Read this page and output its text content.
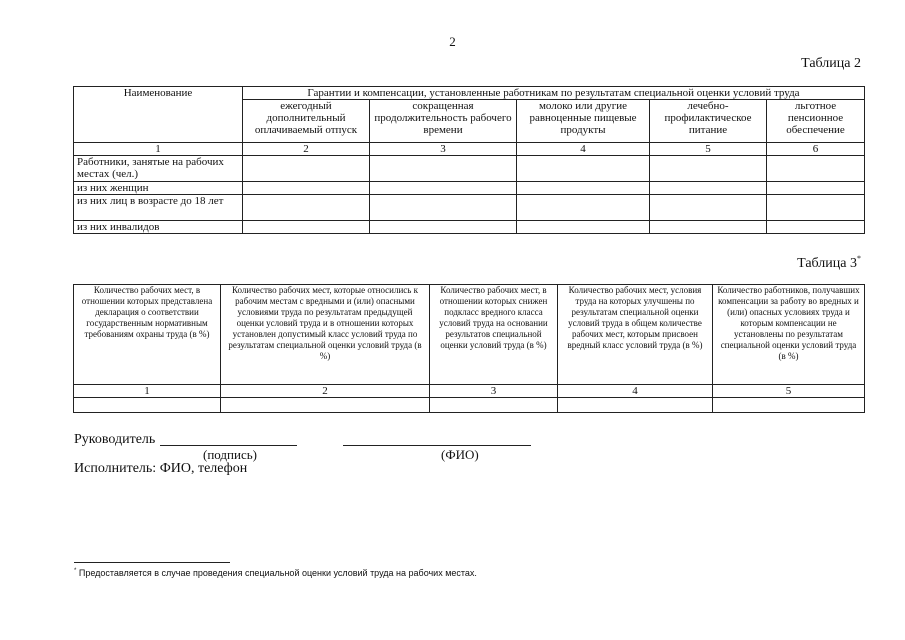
2
Таблица 2
Наименование	Гарантии и компенсации, установленные работникам по результатам специальной оценки условий труда				
	ежегодный дополнительный оплачиваемый отпуск	сокращенная продолжительность рабочего времени	молоко или другие равноценные пищевые продукты	лечебно-профилактическое питание	льготное пенсионное обеспечение
1	2	3	4	5	6
Работники, занятые на рабочих местах (чел.)					
из них женщин					
из них лиц в возрасте до 18 лет					
из них инвалидов					
Таблица 3*
Количество рабочих мест, в отношении которых представлена декларация о соответствии государственным нормативным требованиям охраны труда (в %)	Количество рабочих мест, которые относились к рабочим местам с вредными и (или) опасными условиями труда по результатам предыдущей оценки условий труда и в отношении которых установлен допустимый класс условий труда по результатам специальной оценки условий труда (в %)	Количество рабочих мест, в отношении которых снижен подкласс вредного класса условий труда на основании результатов специальной оценки условий труда (в %)	Количество рабочих мест, условия труда на которых улучшены по результатам специальной оценки условий труда в общем количестве рабочих мест, которым присвоен вредный класс условий труда (в %)	Количество работников, получавших компенсации за работу во вредных и (или) опасных условиях труда и которым компенсации не установлены по результатам специальной оценки условий труда (в %)
1	2	3	4	5

Руководитель
(подпись)	(ФИО)
Исполнитель: ФИО, телефон
* Предоставляется в случае проведения специальной оценки условий труда на рабочих местах.
